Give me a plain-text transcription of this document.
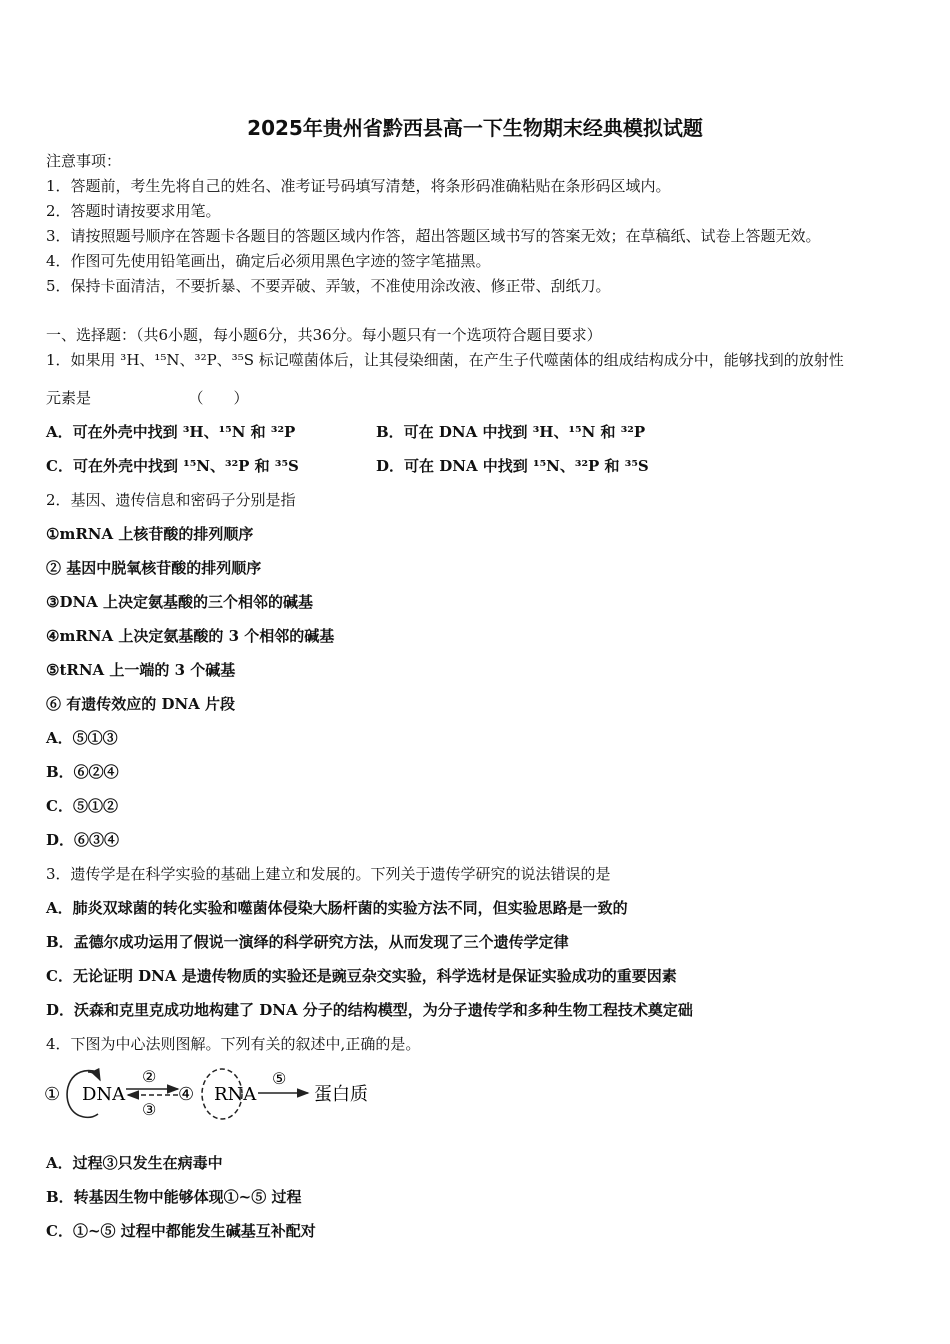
2025年贵州省黔西县高一下生物期末经典模拟试题
注意事项：
1．答题前，考生先将自己的姓名、准考证号码填写清楚，将条形码准确粘贴在条形码区域内。
2．答题时请按要求用笔。
3．请按照题号顺序在答题卡各题目的答题区域内作答，超出答题区域书写的答案无效；在草稿纸、试卷上答题无效。
4．作图可先使用铅笔画出，确定后必须用黑色字迹的签字笔描黑。
5．保持卡面清洁，不要折暴、不要弄破、弄皱，不准使用涂改液、修正带、刮纸刀。
一、选择题：（共6小题，每小题6分，共36分。每小题只有一个选项符合题目要求）
1．如果用 ³H、¹⁵N、³²P、³⁵S 标记噬菌体后，让其侵染细菌，在产生子代噬菌体的组成结构成分中，能够找到的放射性
元素是　　　　　　　（　　）
A．可在外壳中找到 ³H、¹⁵N 和 ³²P	B．可在 DNA 中找到 ³H、¹⁵N 和 ³²P
C．可在外壳中找到 ¹⁵N、³²P 和 ³⁵S	D．可在 DNA 中找到 ¹⁵N、³²P 和 ³⁵S
2．基因、遗传信息和密码子分别是指
①mRNA 上核苷酸的排列顺序
② 基因中脱氧核苷酸的排列顺序
③DNA 上决定氨基酸的三个相邻的碱基
④mRNA 上决定氨基酸的 3 个相邻的碱基
⑤tRNA 上一端的 3 个碱基
⑥ 有遗传效应的 DNA 片段
A．⑤①③
B．⑥②④
C．⑤①②
D．⑥③④
3．遗传学是在科学实验的基础上建立和发展的。下列关于遗传学研究的说法错误的是
A．肺炎双球菌的转化实验和噬菌体侵染大肠杆菌的实验方法不同，但实验思路是一致的
B．孟德尔成功运用了假说一演绎的科学研究方法，从而发现了三个遗传学定律
C．无论证明 DNA 是遗传物质的实验还是豌豆杂交实验，科学选材是保证实验成功的重要因素
D．沃森和克里克成功地构建了 DNA 分子的结构模型，为分子遗传学和多种生物工程技术奠定础
4．下图为中心法则图解。下列有关的叙述中,正确的是。
① DNA
②
③
④ RNA
⑤
蛋白质
A．过程③只发生在病毒中
B．转基因生物中能够体现①~⑤ 过程
C．①~⑤ 过程中都能发生碱基互补配对
